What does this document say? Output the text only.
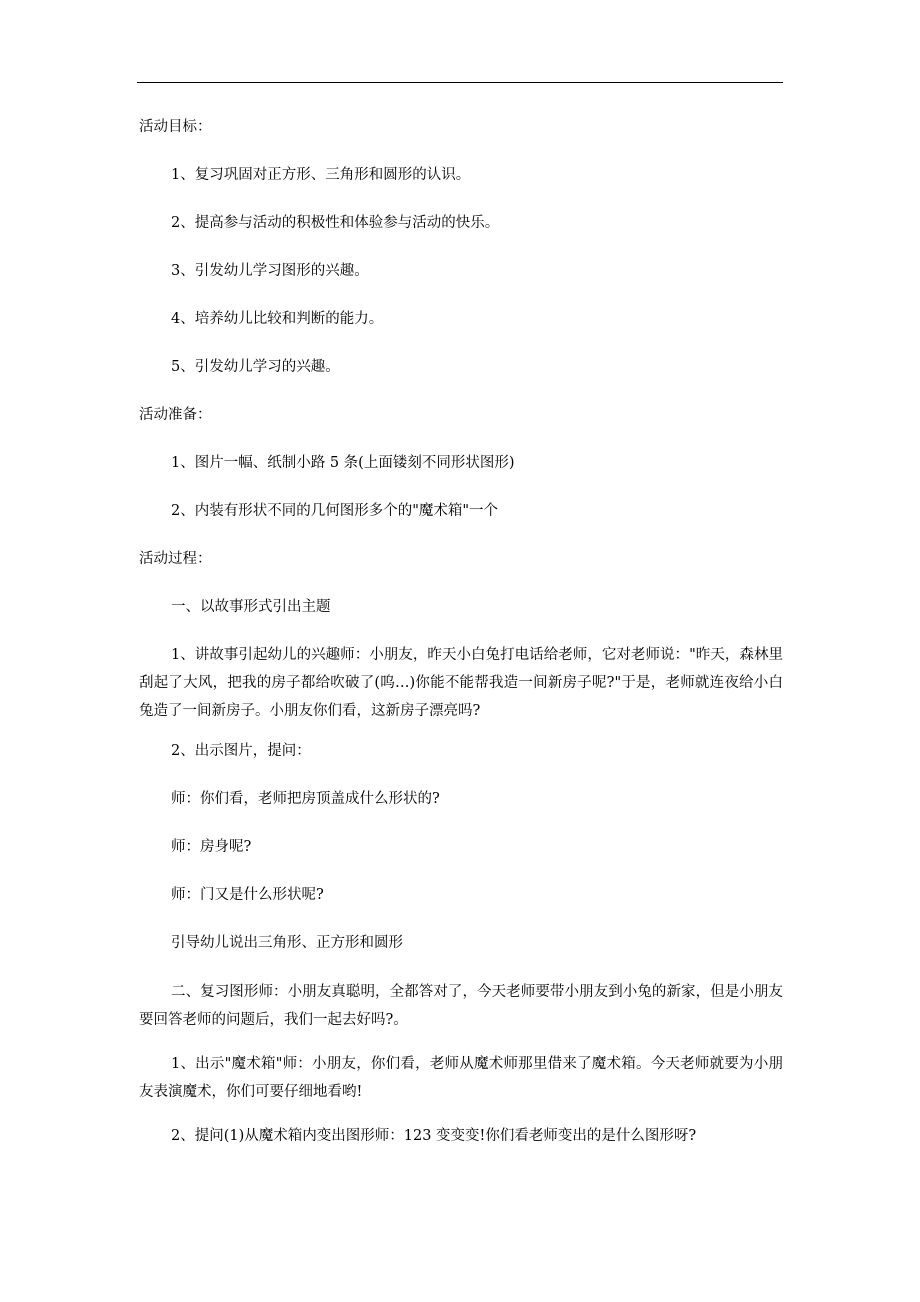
活动目标：
1、复习巩固对正方形、三角形和圆形的认识。
2、提高参与活动的积极性和体验参与活动的快乐。
3、引发幼儿学习图形的兴趣。
4、培养幼儿比较和判断的能力。
5、引发幼儿学习的兴趣。
活动准备：
1、图片一幅、纸制小路 5 条(上面镂刻不同形状图形)
2、内装有形状不同的几何图形多个的"魔术箱"一个
活动过程：
一、以故事形式引出主题
1、讲故事引起幼儿的兴趣师：小朋友，昨天小白兔打电话给老师，它对老师说："昨天，森林里刮起了大风，把我的房子都给吹破了(呜…)你能不能帮我造一间新房子呢?"于是，老师就连夜给小白兔造了一间新房子。小朋友你们看，这新房子漂亮吗?
2、出示图片，提问：
师：你们看，老师把房顶盖成什么形状的?
师：房身呢?
师：门又是什么形状呢?
引导幼儿说出三角形、正方形和圆形
二、复习图形师：小朋友真聪明，全都答对了，今天老师要带小朋友到小兔的新家，但是小朋友要回答老师的问题后，我们一起去好吗?。
1、出示"魔术箱"师：小朋友，你们看，老师从魔术师那里借来了魔术箱。今天老师就要为小朋友表演魔术，你们可要仔细地看哟!
2、提问(1)从魔术箱内变出图形师：123 变变变!你们看老师变出的是什么图形呀?
